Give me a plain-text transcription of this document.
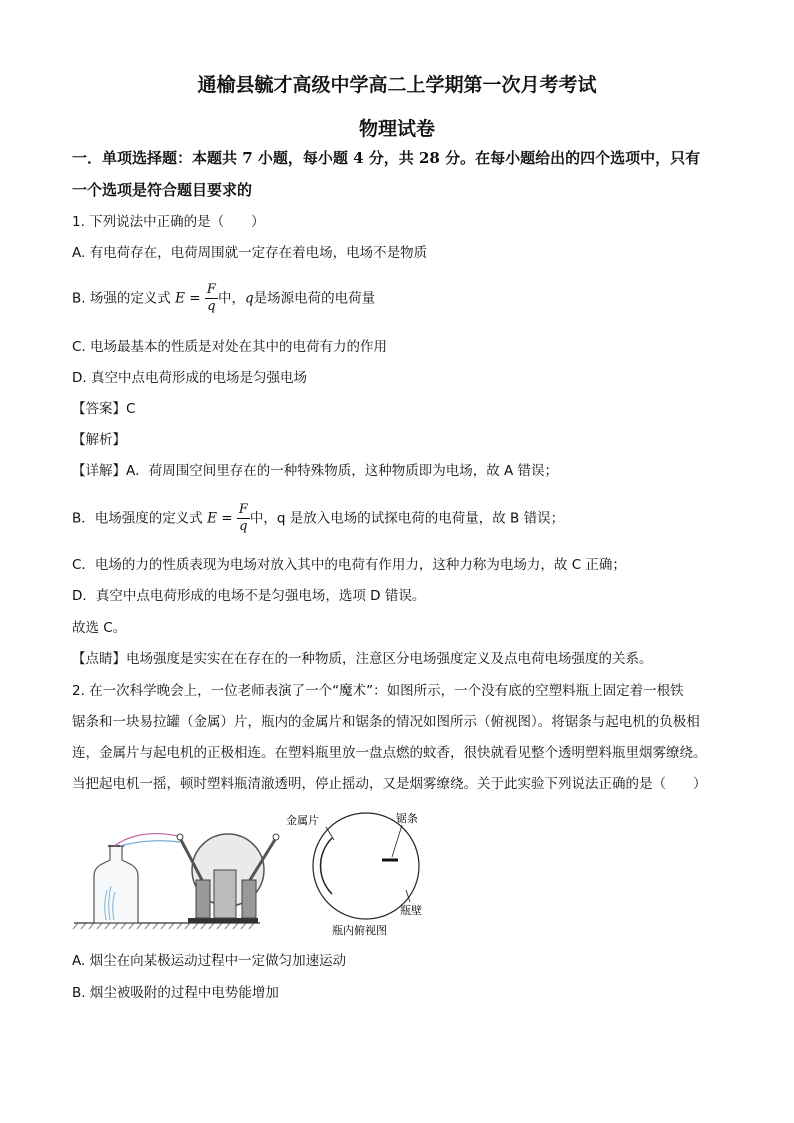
通榆县毓才高级中学高二上学期第一次月考考试
物理试卷
一．单项选择题：本题共 7 小题，每小题 4 分，共 28 分。在每小题给出的四个选项中，只有
一个选项是符合题目要求的
1. 下列说法中正确的是（　　）
A. 有电荷存在，电荷周围就一定存在着电场，电场不是物质
B. 场强的定义式 $E = \frac{F}{q}$ 中，q是场源电荷的电荷量
C. 电场最基本的性质是对处在其中的电荷有力的作用
D. 真空中点电荷形成的电场是匀强电场
【答案】C
【解析】
【详解】A．荷周围空间里存在的一种特殊物质，这种物质即为电场，故 A 错误；
B．电场强度的定义式 $E = \frac{F}{q}$ 中，q 是放入电场的试探电荷的电荷量，故 B 错误；
C．电场的力的性质表现为电场对放入其中的电荷有作用力，这种力称为电场力，故 C 正确；
D．真空中点电荷形成的电场不是匀强电场，选项 D 错误。
故选 C。
【点睛】电场强度是实实在在存在的一种物质，注意区分电场强度定义及点电荷电场强度的关系。
2. 在一次科学晚会上，一位老师表演了一个“魔术”：如图所示，一个没有底的空塑料瓶上固定着一根铁
锯条和一块易拉罐（金属）片，瓶内的金属片和锯条的情况如图所示（俯视图）。将锯条与起电机的负极相
连，金属片与起电机的正极相连。在塑料瓶里放一盘点燃的蚊香，很快就看见整个透明塑料瓶里烟雾缭绕。
当把起电机一摇，顿时塑料瓶清澈透明，停止摇动，又是烟雾缭绕。关于此实验下列说法正确的是（　　）
金属片	锯条
瓶壁
瓶内俯视图
A. 烟尘在向某极运动过程中一定做匀加速运动
B. 烟尘被吸附的过程中电势能增加
